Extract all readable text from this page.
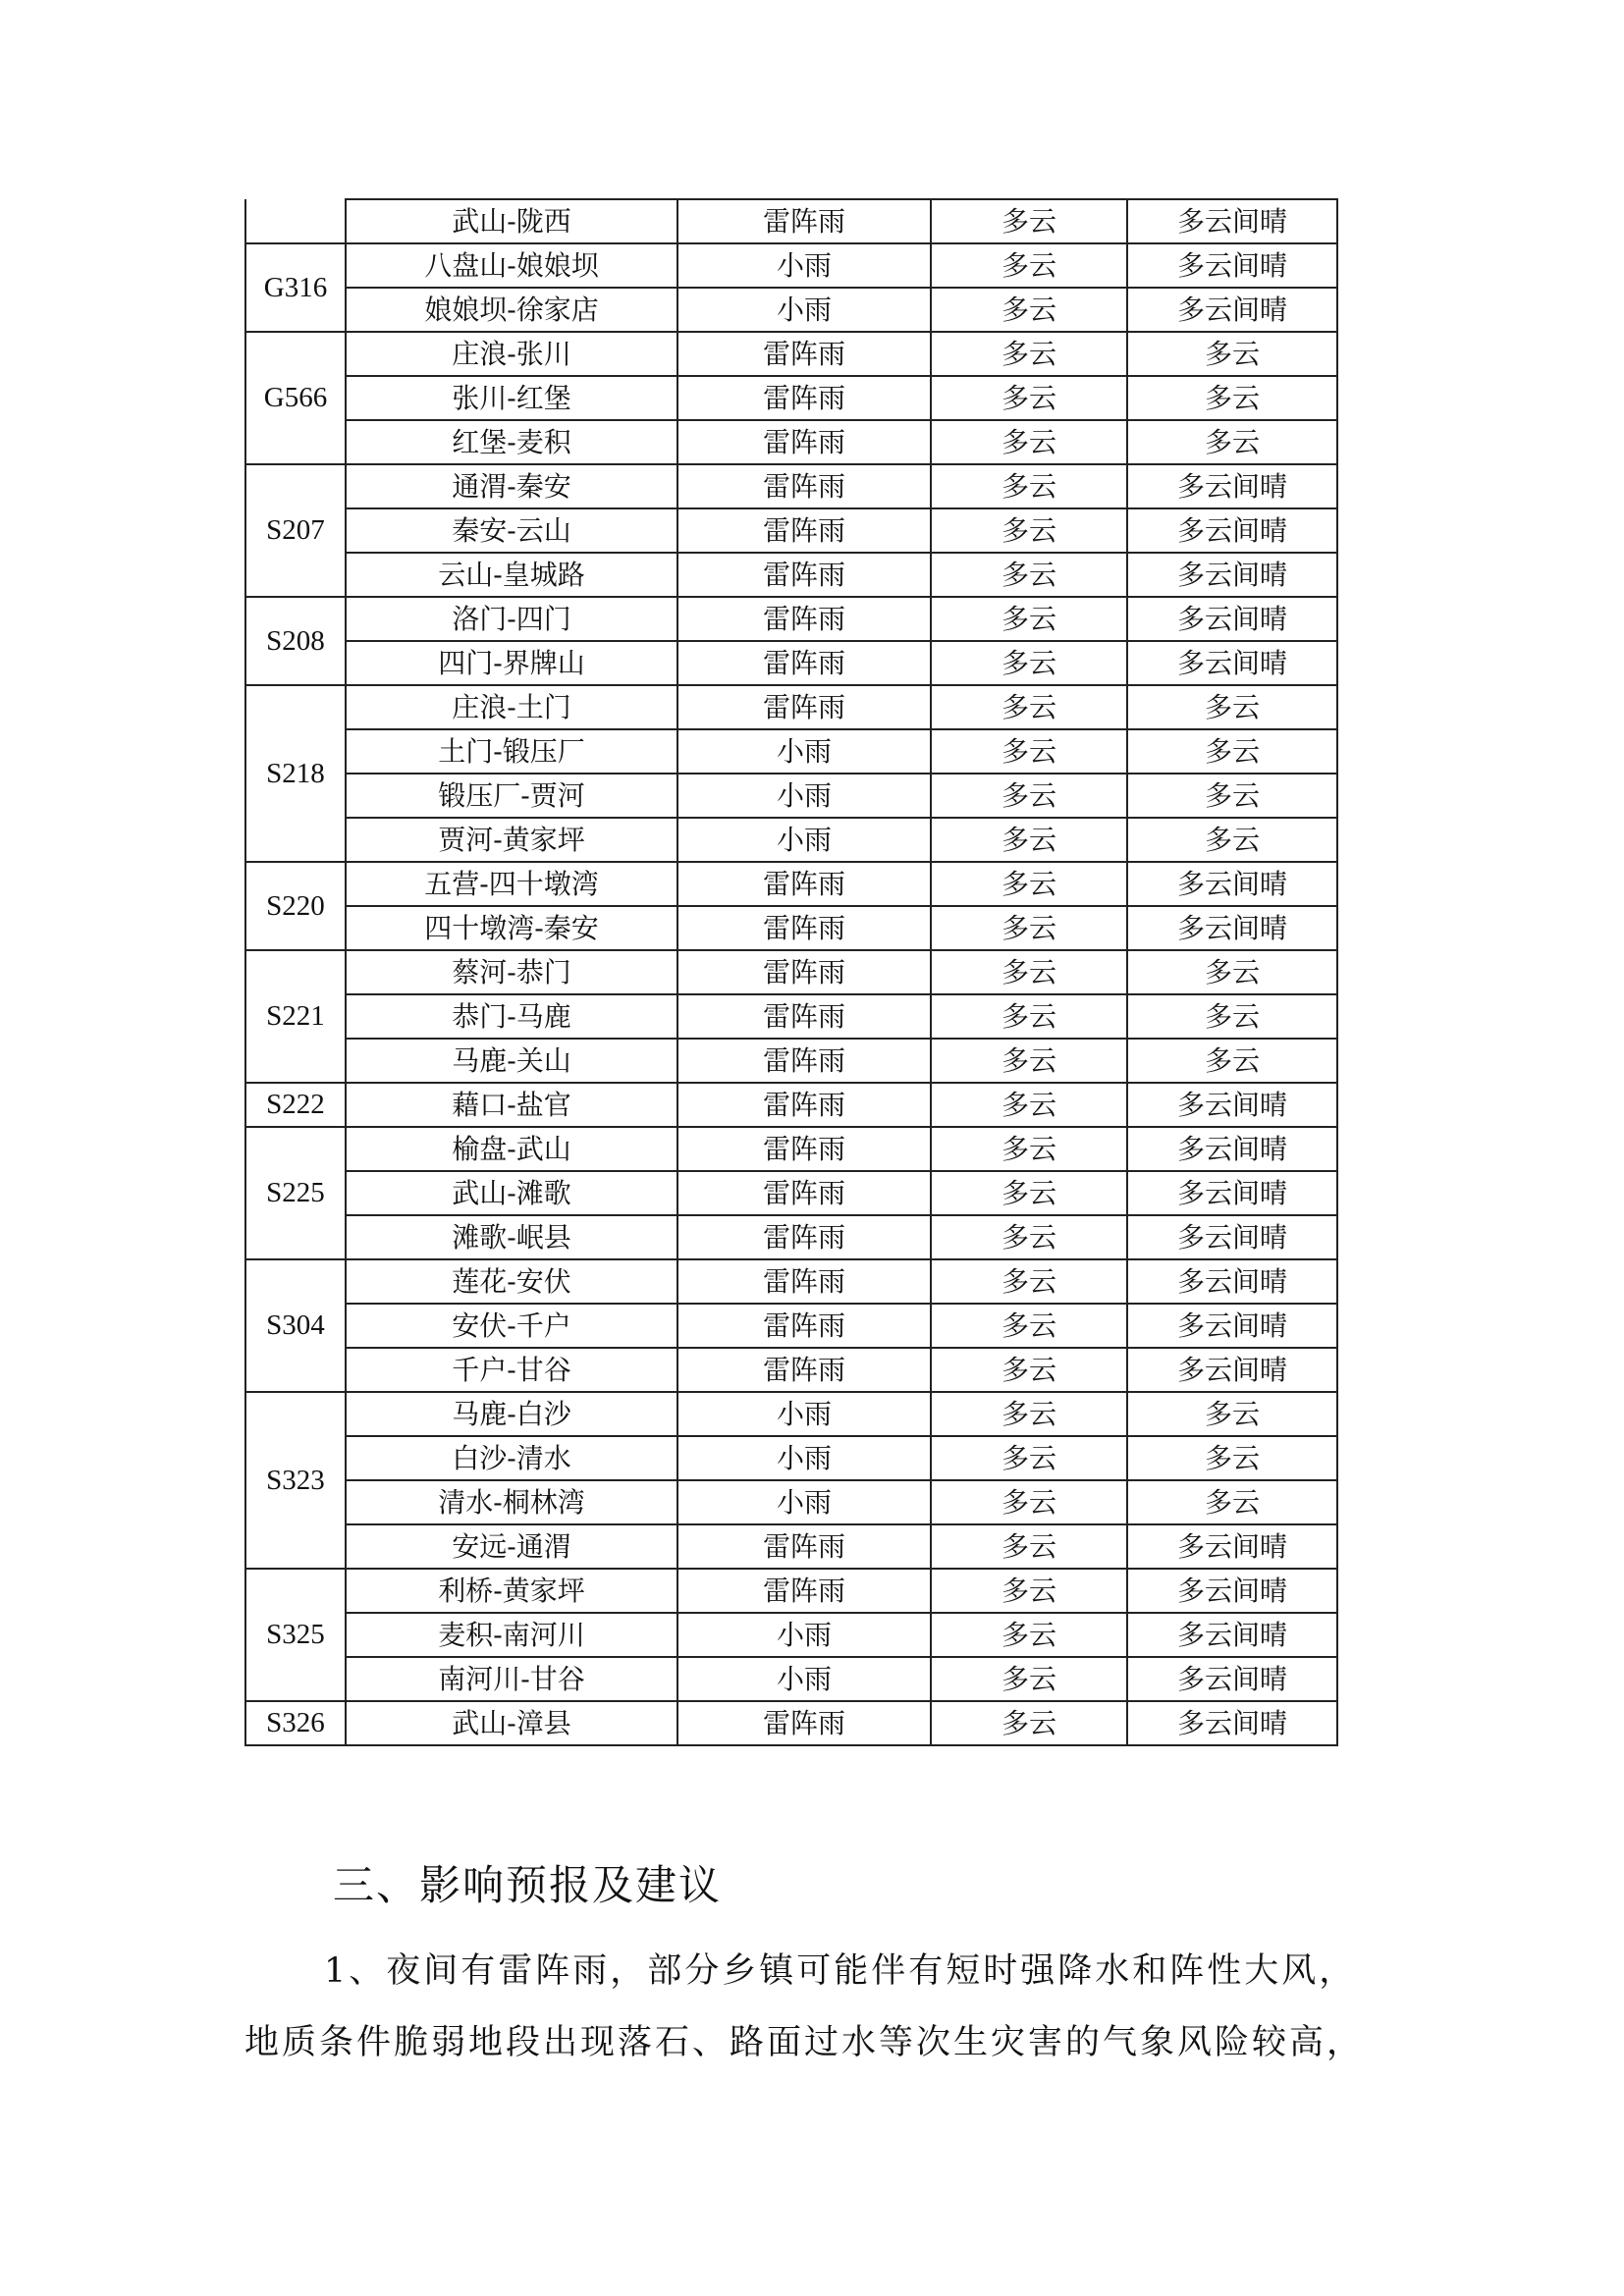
	武山-陇西	雷阵雨	多云	多云间晴
G316	八盘山-娘娘坝	小雨	多云	多云间晴
	娘娘坝-徐家店	小雨	多云	多云间晴
G566	庄浪-张川	雷阵雨	多云	多云
	张川-红堡	雷阵雨	多云	多云
	红堡-麦积	雷阵雨	多云	多云
S207	通渭-秦安	雷阵雨	多云	多云间晴
	秦安-云山	雷阵雨	多云	多云间晴
	云山-皇城路	雷阵雨	多云	多云间晴
S208	洛门-四门	雷阵雨	多云	多云间晴
	四门-界牌山	雷阵雨	多云	多云间晴
S218	庄浪-土门	雷阵雨	多云	多云
	土门-锻压厂	小雨	多云	多云
	锻压厂-贾河	小雨	多云	多云
	贾河-黄家坪	小雨	多云	多云
S220	五营-四十墩湾	雷阵雨	多云	多云间晴
	四十墩湾-秦安	雷阵雨	多云	多云间晴
S221	蔡河-恭门	雷阵雨	多云	多云
	恭门-马鹿	雷阵雨	多云	多云
	马鹿-关山	雷阵雨	多云	多云
S222	藉口-盐官	雷阵雨	多云	多云间晴
S225	榆盘-武山	雷阵雨	多云	多云间晴
	武山-滩歌	雷阵雨	多云	多云间晴
	滩歌-岷县	雷阵雨	多云	多云间晴
S304	莲花-安伏	雷阵雨	多云	多云间晴
	安伏-千户	雷阵雨	多云	多云间晴
	千户-甘谷	雷阵雨	多云	多云间晴
S323	马鹿-白沙	小雨	多云	多云
	白沙-清水	小雨	多云	多云
	清水-桐林湾	小雨	多云	多云
	安远-通渭	雷阵雨	多云	多云间晴
S325	利桥-黄家坪	雷阵雨	多云	多云间晴
	麦积-南河川	小雨	多云	多云间晴
	南河川-甘谷	小雨	多云	多云间晴
S326	武山-漳县	雷阵雨	多云	多云间晴
三、影响预报及建议

1、夜间有雷阵雨，部分乡镇可能伴有短时强降水和阵性大风，

地质条件脆弱地段出现落石、路面过水等次生灾害的气象风险较高，
